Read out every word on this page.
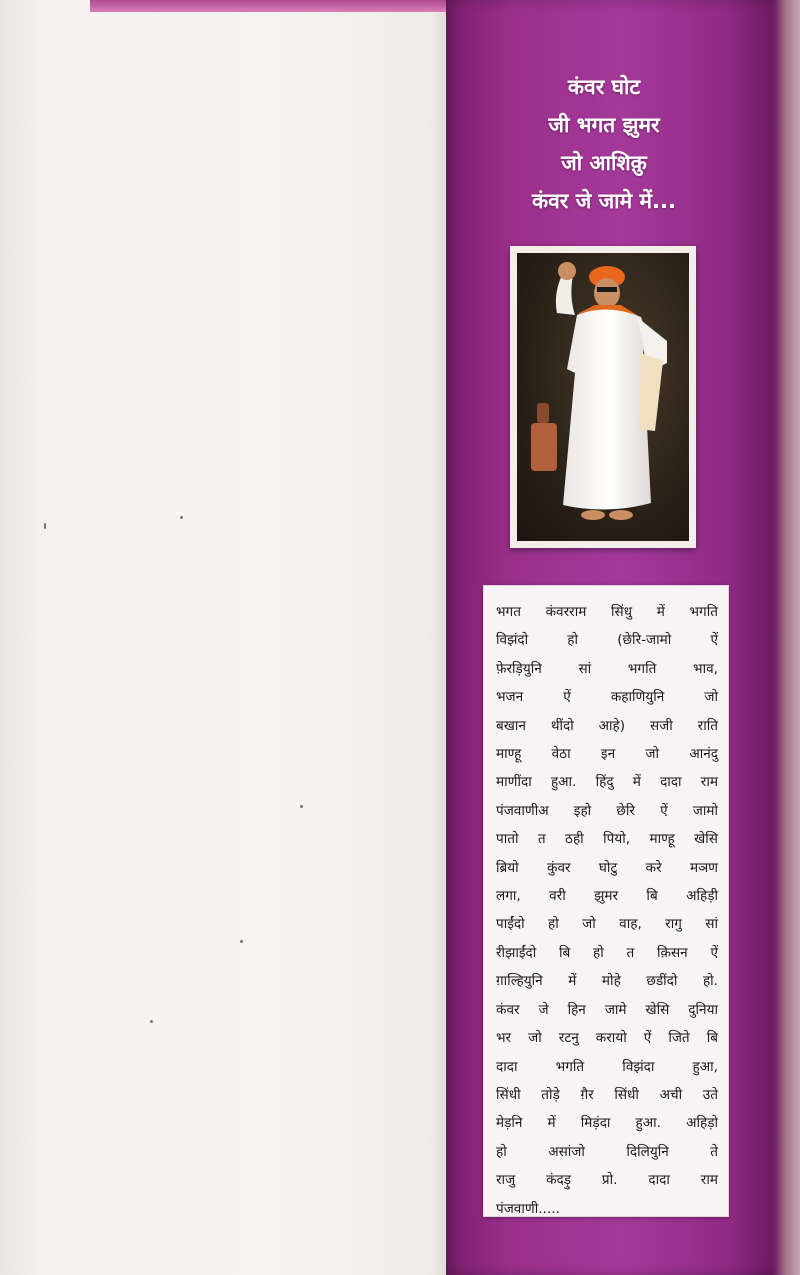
कंवर घोट
जी भगत झुमर
जो आशिक़ु
कंवर जे जामे में...
भगत कंवरराम सिंधु में भगति
विझंदो हो (छेरि-जामो ऐं
फ़ेरड़ियुनि सां भगति भाव,
भजन ऐं कहाणियुनि जो
बखान थींदो आहे) सजी राति
माण्हू वेठा इन जो आनंदु
माणींदा हुआ. हिंदु में दादा राम
पंजवाणीअ इहो छेरि ऐं जामो
पातो त ठही पियो, माण्हू खेसि
ब्रियो कुंवर घोटु करे मञण
लगा, वरी झुमर बि अहिड़ी
पाईंदो हो जो वाह, रागु सां
रीझाईंदो बि हो त क़िसन ऐं
ग़ाल्हियुनि में मोहे छडींदो हो.
कंवर जे हिन जामे खेसि दुनिया
भर जो रटनु करायो ऐं जिते बि
दादा भगति विझंदा हुआ,
सिंधी तोड़े ग़ैर सिंधी अची उते
मेड़नि में मिड़ंदा हुआ. अहिड़ो
हो असांजो दिलियुनि ते
राजु कंदड़ु प्रो. दादा राम
पंजवाणी.....
